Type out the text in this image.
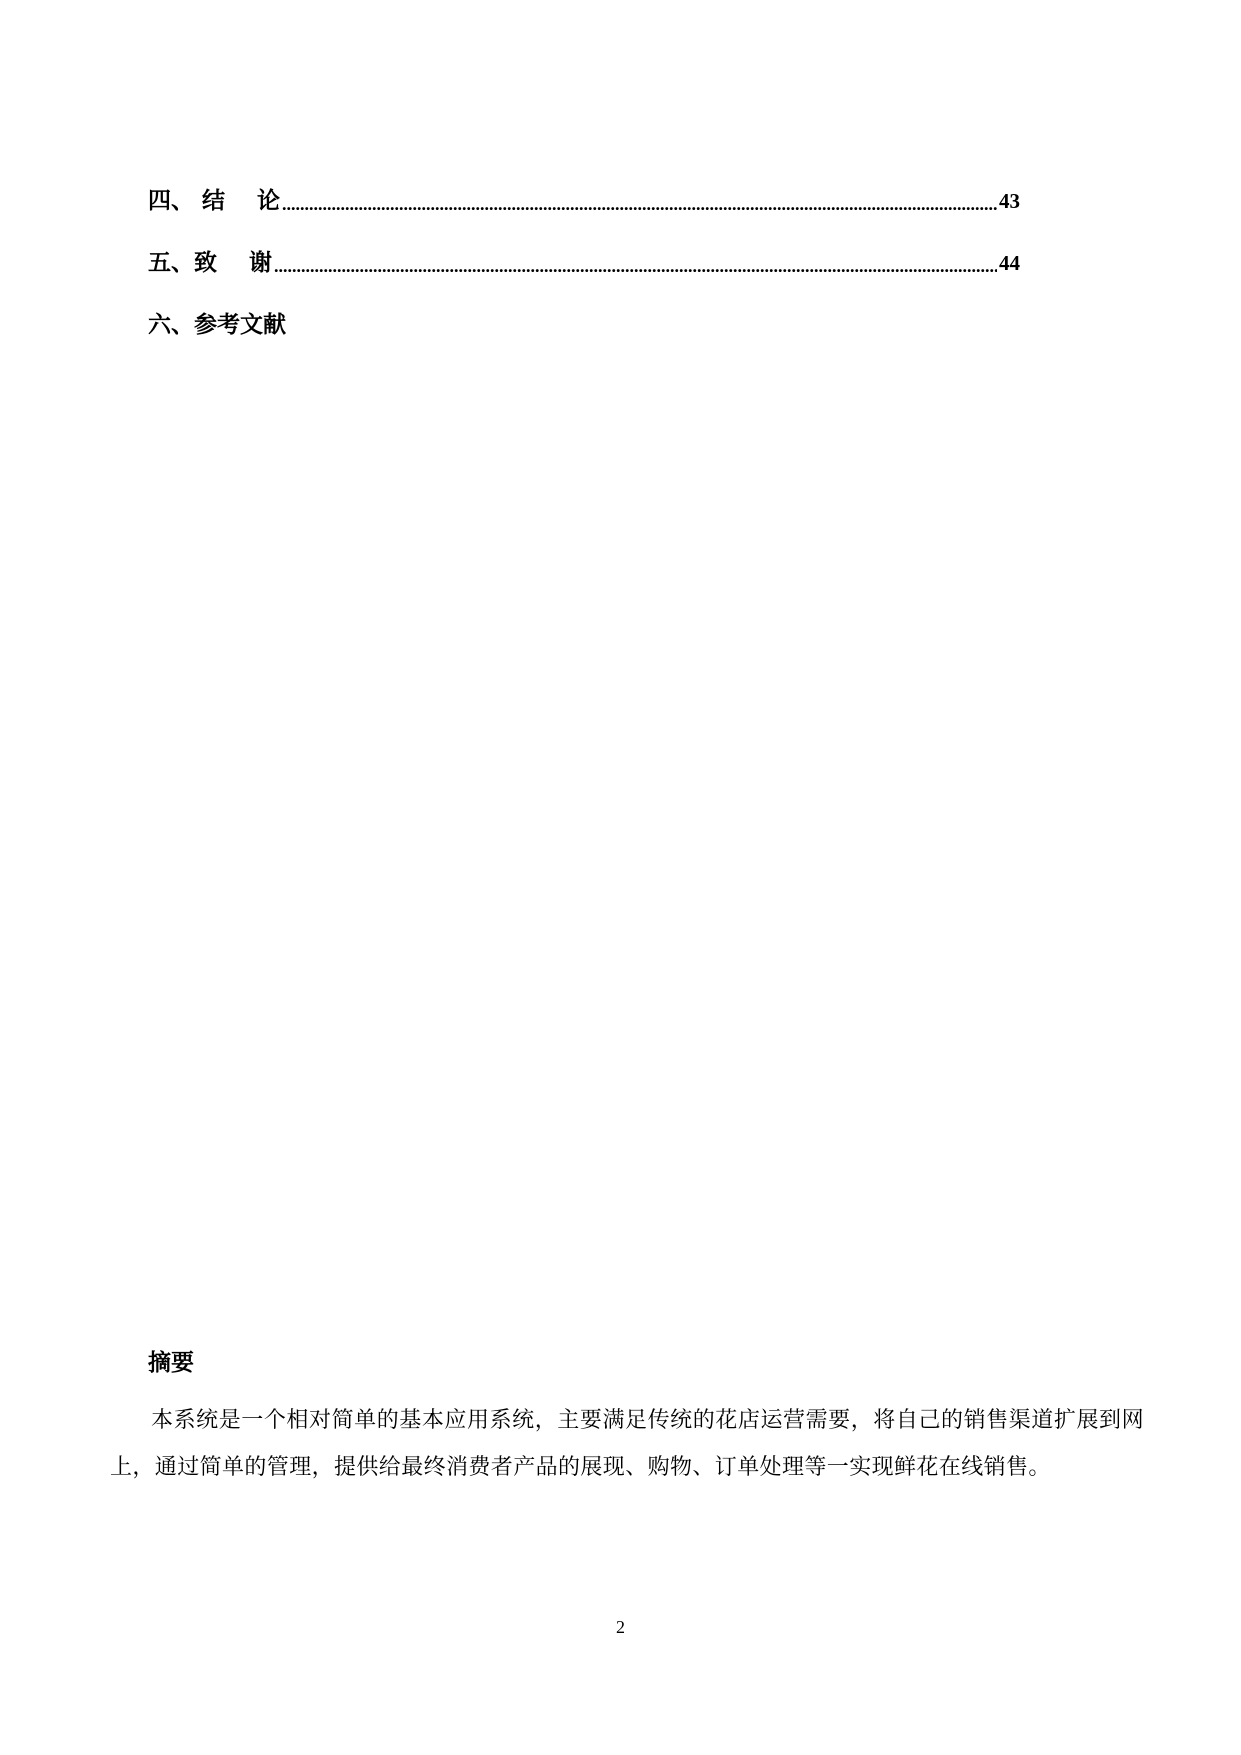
四、 结    论 .....	43
五、致    谢 .....	44
六、参考文献
摘要
本系统是一个相对简单的基本应用系统，主要满足传统的花店运营需要，将自己的销售渠道扩展到网上，通过简单的管理，提供给最终消费者产品的展现、购物、订单处理等一实现鲜花在线销售。
2
